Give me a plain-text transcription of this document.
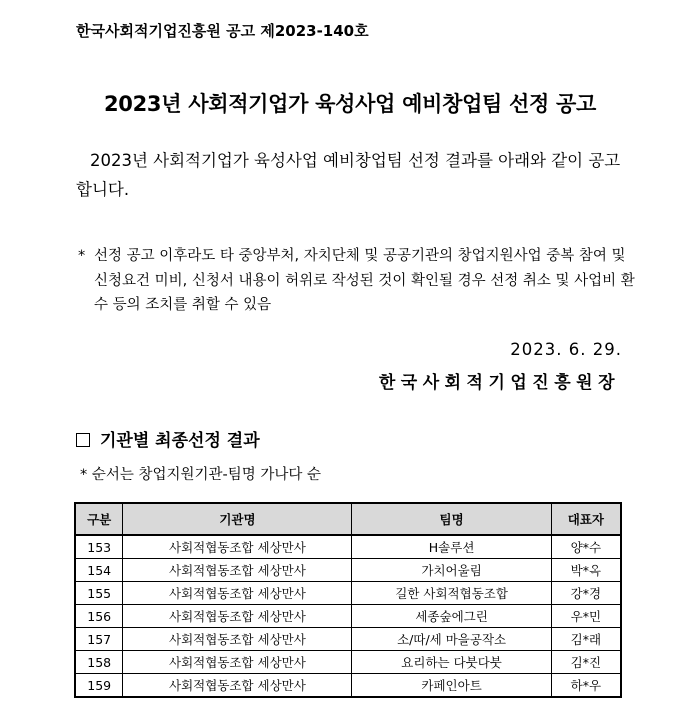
한국사회적기업진흥원 공고 제2023-140호
2023년 사회적기업가 육성사업 예비창업팀 선정 공고
2023년 사회적기업가 육성사업 예비창업팀 선정 결과를 아래와 같이 공고합니다.
* 선정 공고 이후라도 타 중앙부처, 자치단체 및 공공기관의 창업지원사업 중복 참여 및 신청요건 미비, 신청서 내용이 허위로 작성된 것이 확인될 경우 선정 취소 및 사업비 환수 등의 조치를 취할 수 있음
2023. 6. 29.
한국사회적기업진흥원장
기관별 최종선정 결과
* 순서는 창업지원기관-팀명 가나다 순
구분	기관명	팀명	대표자
153	사회적협동조합 세상만사	H솔루션	양*수
154	사회적협동조합 세상만사	가치어울림	박*옥
155	사회적협동조합 세상만사	길한 사회적협동조합	강*경
156	사회적협동조합 세상만사	세종숲에그린	우*민
157	사회적협동조합 세상만사	소/따/세 마을공작소	김*래
158	사회적협동조합 세상만사	요리하는 다붓다붓	김*진
159	사회적협동조합 세상만사	카페인아트	하*우
